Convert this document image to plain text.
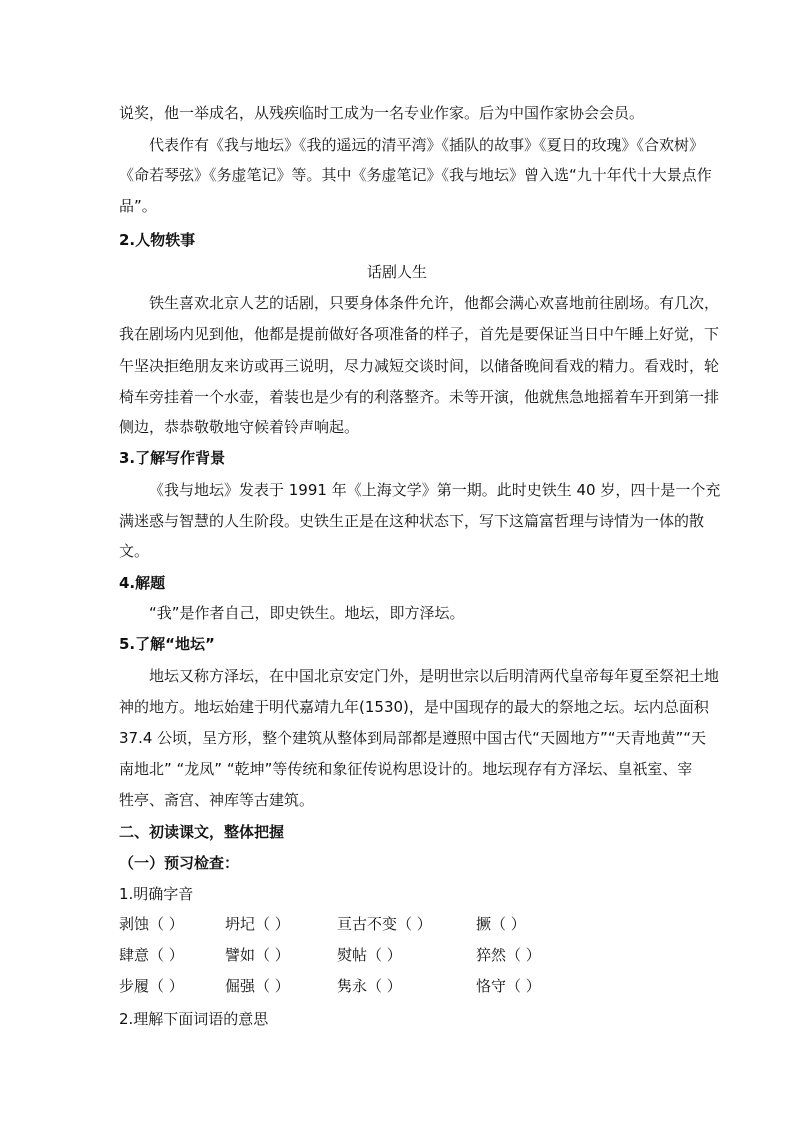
说奖，他一举成名，从残疾临时工成为一名专业作家。后为中国作家协会会员。
代表作有《我与地坛》《我的遥远的清平湾》《插队的故事》《夏日的玫瑰》《合欢树》
《命若琴弦》《务虚笔记》等。其中《务虚笔记》《我与地坛》曾入选“九十年代十大景点作
品”。
2.人物轶事
话剧人生
铁生喜欢北京人艺的话剧，只要身体条件允许，他都会满心欢喜地前往剧场。有几次，
我在剧场内见到他，他都是提前做好各项准备的样子，首先是要保证当日中午睡上好觉，下
午坚决拒绝朋友来访或再三说明，尽力减短交谈时间，以储备晚间看戏的精力。看戏时，轮
椅车旁挂着一个水壶，着装也是少有的利落整齐。未等开演，他就焦急地摇着车开到第一排
侧边，恭恭敬敬地守候着铃声响起。
3.了解写作背景
《我与地坛》发表于 1991 年《上海文学》第一期。此时史铁生 40 岁，四十是一个充
满迷惑与智慧的人生阶段。史铁生正是在这种状态下，写下这篇富哲理与诗情为一体的散
文。
4.解题
“我”是作者自己，即史铁生。地坛，即方泽坛。
5.了解“地坛”
地坛又称方泽坛，在中国北京安定门外，是明世宗以后明清两代皇帝每年夏至祭祀土地
神的地方。地坛始建于明代嘉靖九年(1530)，是中国现存的最大的祭地之坛。坛内总面积
37.4 公顷，呈方形，整个建筑从整体到局部都是遵照中国古代“天圆地方”“天青地黄”“天
南地北” “龙凤” “乾坤”等传统和象征传说构思设计的。地坛现存有方泽坛、皇祇室、宰
牲亭、斋宫、神库等古建筑。
二、初读课文，整体把握
（一）预习检查：
1.明确字音
剥蚀（ ）	坍圮（ ）	亘古不变（ ）	撅（ ）
肆意（ ）	譬如（ ）	熨帖（ ）	猝然（ ）
步履（ ）	倔强（ ）	隽永（ ）	恪守（ ）
2.理解下面词语的意思
